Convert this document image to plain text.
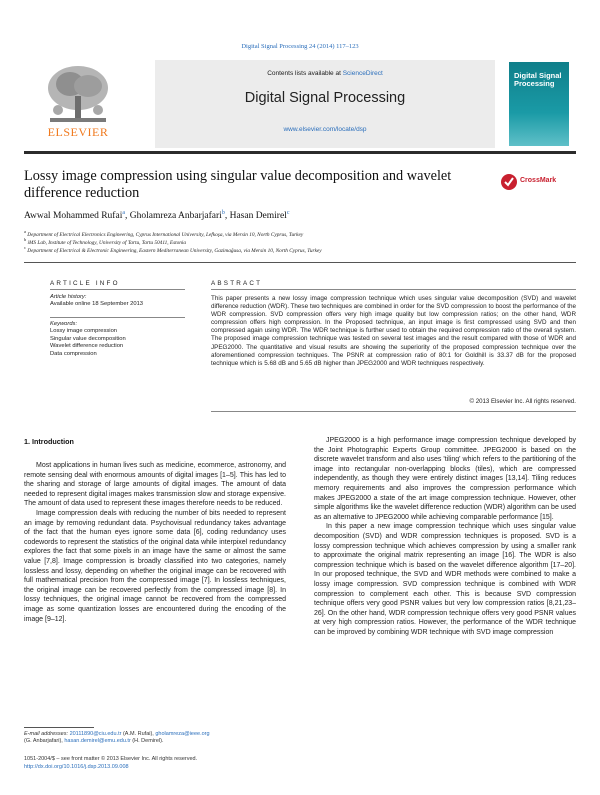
Digital Signal Processing 24 (2014) 117–123
ELSEVIER
Contents lists available at ScienceDirect
Digital Signal Processing
www.elsevier.com/locate/dsp
Digital Signal Processing
Lossy image compression using singular value decomposition and wavelet difference reduction
CrossMark
Awwal Mohammed Rufai$^a$, Gholamreza Anbarjafari$^b$, Hasan Demirel$^c$
$^a$ Department of Electrical Electronics Engineering, Cyprus International University, Lefkoşa, via Mersin 10, North Cyprus, Turkey
$^b$ iMS Lab, Institute of Technology, University of Tartu, Tartu 50411, Estonia
$^c$ Department of Electrical & Electronic Engineering, Eastern Mediterranean University, Gazimağusa, via Mersin 10, North Cyprus, Turkey
ARTICLE INFO
Article history:
Available online 18 September 2013
Keywords:
Lossy image compression
Singular value decomposition
Wavelet difference reduction
Data compression
ABSTRACT
This paper presents a new lossy image compression technique which uses singular value decomposition (SVD) and wavelet difference reduction (WDR). These two techniques are combined in order for the SVD compression to boost the performance of the WDR compression. SVD compression offers very high image quality but low compression ratios; on the other hand, WDR compression offers high compression. In the Proposed technique, an input image is first compressed using SVD and then compressed again using WDR. The WDR technique is further used to obtain the required compression ratio of the overall system. The proposed image compression technique was tested on several test images and the result compared with those of WDR and JPEG2000. The quantitative and visual results are showing the superiority of the proposed compression technique over the aforementioned compression techniques. The PSNR at compression ratio of 80:1 for Goldhill is 33.37 dB for the proposed technique which is 5.68 dB and 5.65 dB higher than JPEG2000 and WDR techniques respectively.
© 2013 Elsevier Inc. All rights reserved.
1. Introduction

Most applications in human lives such as medicine, ecommerce, astronomy, and remote sensing deal with enormous amounts of digital images [1–5]. This has led to the sharing and storage of large amounts of digital images. The amount of data needed to represent digital images makes transmission slow and storage expensive. The amount of data used to represent these images therefore needs to be reduced.

Image compression deals with reducing the number of bits needed to represent an image by removing redundant data. Psychovisual redundancy takes advantage of the fact that the human eyes ignore some data [6], coding redundancy uses codewords to represent the statistics of the original data while interpixel redundancy explores the fact that some pixels in an image have the same or almost the same value [7,8]. Image compression is broadly classified into two categories, namely lossless and lossy, depending on whether the original image can be recovered with full mathematical precision from the compressed image [7]. In lossless techniques, the original image can be recovered perfectly from the compressed image [8]. In lossy techniques, the original image cannot be recovered from the compressed image as some quantization losses are encountered during the encoding of the image [9–12].

JPEG2000 is a high performance image compression technique developed by the Joint Photographic Experts Group committee. JPEG2000 is based on the discrete wavelet transform and also uses 'tiling' which refers to the partitioning of the image into rectangular non-overlapping blocks (tiles), which are compressed independently, as though they were entirely distinct images [13,14]. Tiling reduces memory requirements and also improves the compression performance which makes JPEG2000 a state of the art image compression technique. However, other simple algorithms like the wavelet difference reduction (WDR) algorithm can be used as an alternative to JPEG2000 while achieving comparable performance [15].

In this paper a new image compression technique which uses singular value decomposition (SVD) and WDR compression techniques is proposed. SVD is a lossy compression technique which achieves compression by using a smaller rank to approximate the original matrix representing an image [16]. The WDR is also compression technique which is based on the wavelet difference algorithm [17–20]. In our proposed technique, the SVD and WDR methods were combined to make a lossy image compression. SVD compression technique is combined with WDR compression to complement each other. This is because SVD compression technique offers very good PSNR values but very low compression ratios [8,21,23–26]. On the other hand, WDR compression technique offers very good PSNR values at very high compression ratios. However, the performance of the WDR technique can be improved by combining WDR technique with SVD image compression

E-mail addresses: 20111890@ciu.edu.tr (A.M. Rufai), gholamreza@ieee.org
(G. Anbarjafari), hasan.demirel@emu.edu.tr (H. Demirel).
1051-2004/$ – see front matter © 2013 Elsevier Inc. All rights reserved.
http://dx.doi.org/10.1016/j.dsp.2013.09.008
